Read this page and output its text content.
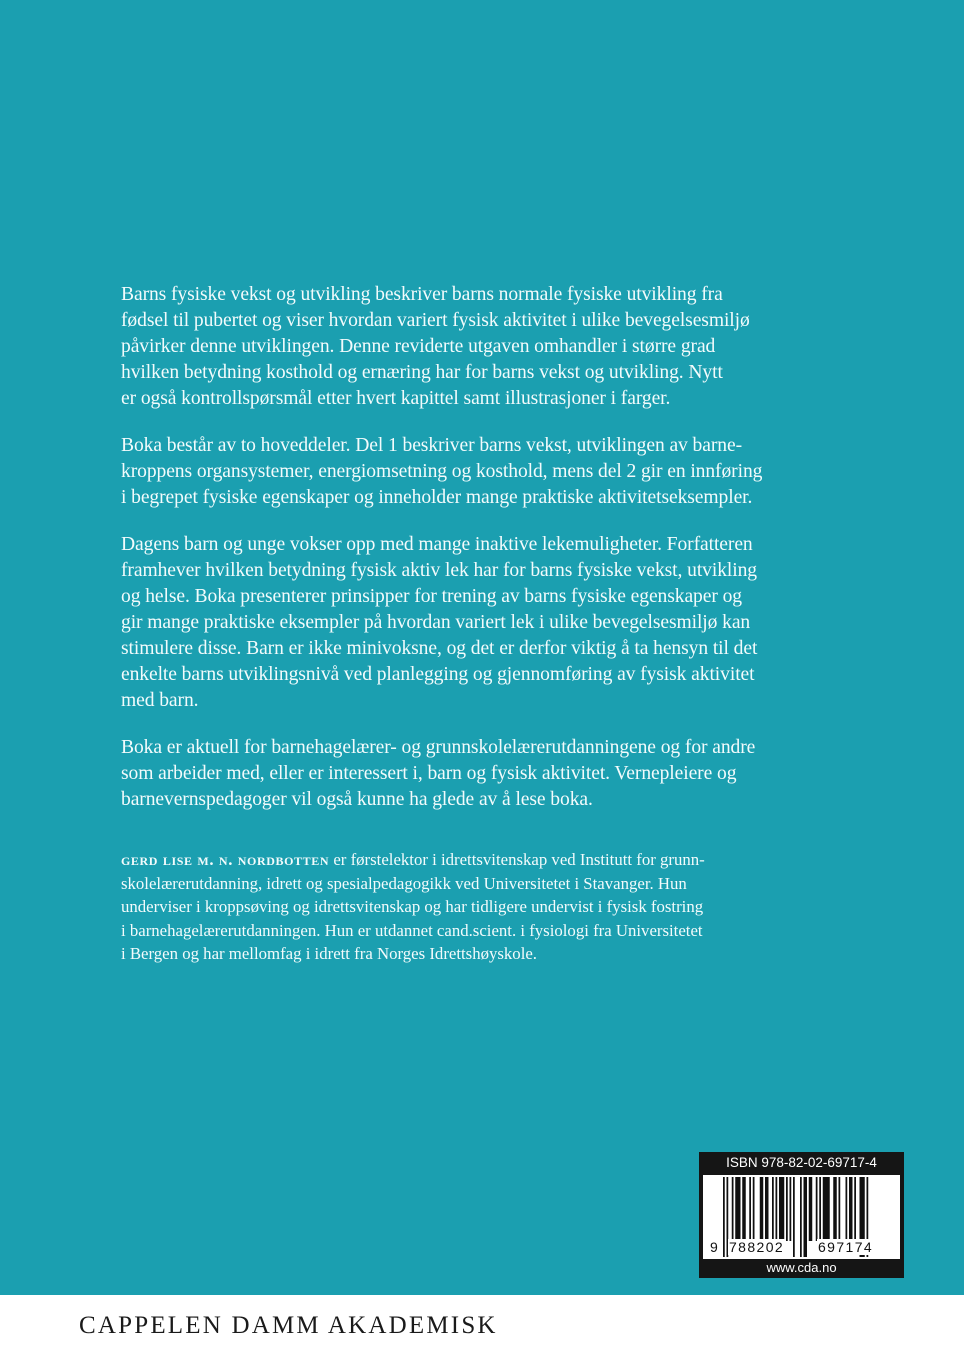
Barns fysiske vekst og utvikling beskriver barns normale fysiske utvikling fra
fødsel til pubertet og viser hvordan variert fysisk aktivitet i ulike bevegelsesmiljø
påvirker denne utviklingen. Denne reviderte utgaven omhandler i større grad
hvilken betydning kosthold og ernæring har for barns vekst og utvikling. Nytt
er også kontrollspørsmål etter hvert kapittel samt illustrasjoner i farger.

Boka består av to hoveddeler. Del 1 beskriver barns vekst, utviklingen av barne-
kroppens organsystemer, energiomsetning og kosthold, mens del 2 gir en innføring
i begrepet fysiske egenskaper og inneholder mange praktiske aktivitetseksempler.

Dagens barn og unge vokser opp med mange inaktive lekemuligheter. Forfatteren
framhever hvilken betydning fysisk aktiv lek har for barns fysiske vekst, utvikling
og helse. Boka presenterer prinsipper for trening av barns fysiske egenskaper og
gir mange praktiske eksempler på hvordan variert lek i ulike bevegelsesmiljø kan
stimulere disse. Barn er ikke minivoksne, og det er derfor viktig å ta hensyn til det
enkelte barns utviklingsnivå ved planlegging og gjennomføring av fysisk aktivitet
med barn.

Boka er aktuell for barnehagelærer- og grunnskolelærerutdanningene og for andre
som arbeider med, eller er interessert i, barn og fysisk aktivitet. Vernepleiere og
barnevernspedagoger vil også kunne ha glede av å lese boka.

gerd lise m. n. nordbotten er førstelektor i idrettsvitenskap ved Institutt for grunn-
skolelærerutdanning, idrett og spesialpedagogikk ved Universitetet i Stavanger. Hun
underviser i kroppsøving og idrettsvitenskap og har tidligere undervist i fysisk fostring
i barnehagelærerutdanningen. Hun er utdannet cand.scient. i fysiologi fra Universitetet
i Bergen og har mellomfag i idrett fra Norges Idrettshøyskole.
ISBN 978-82-02-69717-4
9 788202 697174
www.cda.no
CAPPELEN DAMM AKADEMISK
